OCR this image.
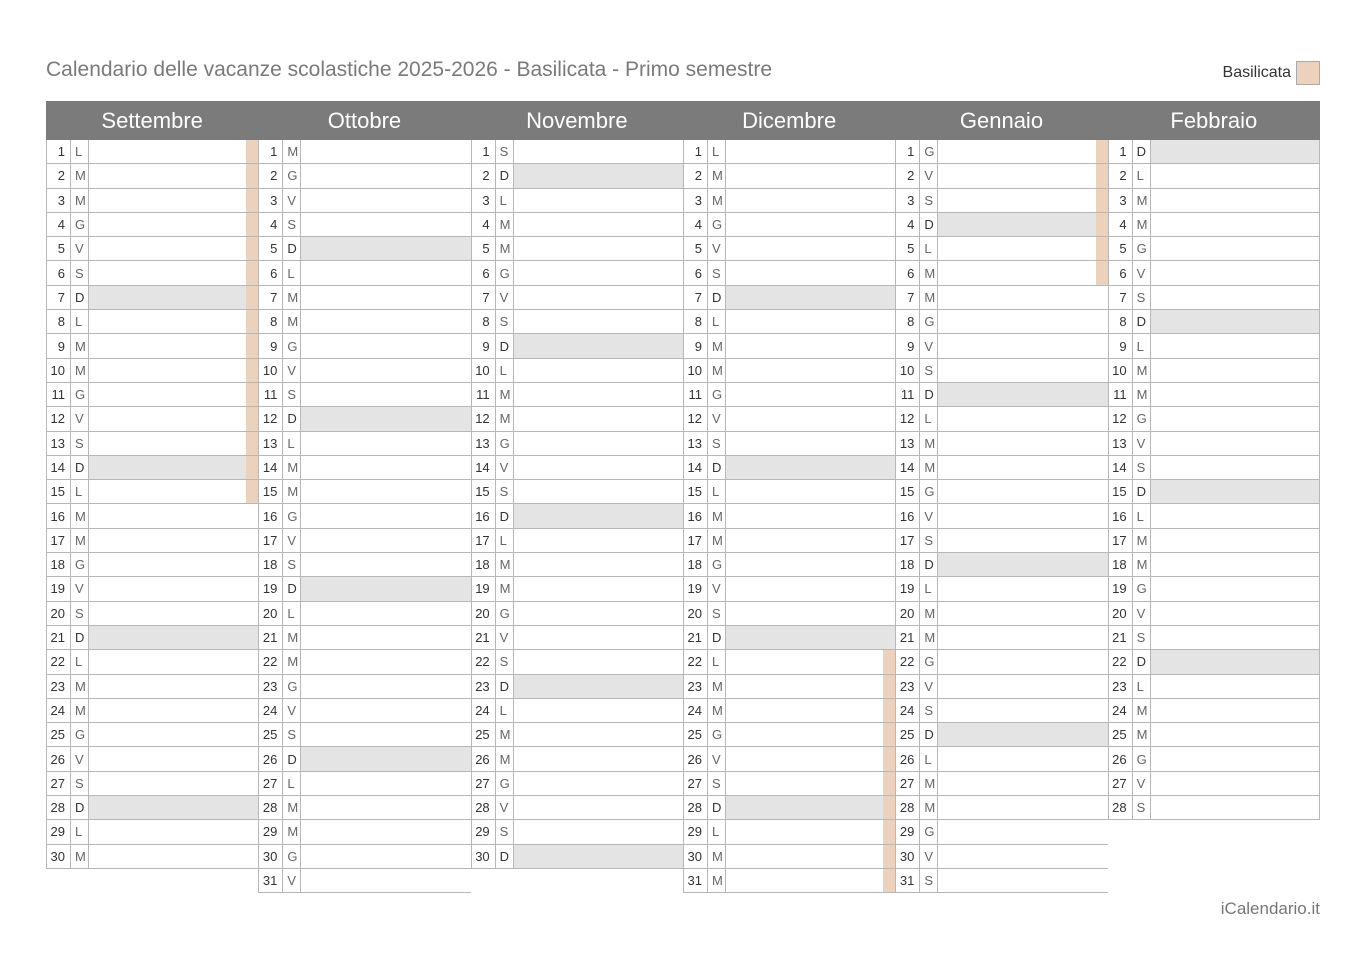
Calendario delle vacanze scolastiche 2025-2026 - Basilicata - Primo semestre	Basilicata
Settembre
1 L
2 M
3 M
4 G
5 V
6 S
7 D
8 L
9 M
10 M
11 G
12 V
13 S
14 D
15 L
16 M
17 M
18 G
19 V
20 S
21 D
22 L
23 M
24 M
25 G
26 V
27 S
28 D
29 L
30 M
Ottobre
1 M
2 G
3 V
4 S
5 D
6 L
7 M
8 M
9 G
10 V
11 S
12 D
13 L
14 M
15 M
16 G
17 V
18 S
19 D
20 L
21 M
22 M
23 G
24 V
25 S
26 D
27 L
28 M
29 M
30 G
31 V
Novembre
1 S
2 D
3 L
4 M
5 M
6 G
7 V
8 S
9 D
10 L
11 M
12 M
13 G
14 V
15 S
16 D
17 L
18 M
19 M
20 G
21 V
22 S
23 D
24 L
25 M
26 M
27 G
28 V
29 S
30 D
Dicembre
1 L
2 M
3 M
4 G
5 V
6 S
7 D
8 L
9 M
10 M
11 G
12 V
13 S
14 D
15 L
16 M
17 M
18 G
19 V
20 S
21 D
22 L
23 M
24 M
25 G
26 V
27 S
28 D
29 L
30 M
31 M
Gennaio
1 G
2 V
3 S
4 D
5 L
6 M
7 M
8 G
9 V
10 S
11 D
12 L
13 M
14 M
15 G
16 V
17 S
18 D
19 L
20 M
21 M
22 G
23 V
24 S
25 D
26 L
27 M
28 M
29 G
30 V
31 S
Febbraio
1 D
2 L
3 M
4 M
5 G
6 V
7 S
8 D
9 L
10 M
11 M
12 G
13 V
14 S
15 D
16 L
17 M
18 M
19 G
20 V
21 S
22 D
23 L
24 M
25 M
26 G
27 V
28 S
iCalendario.it
